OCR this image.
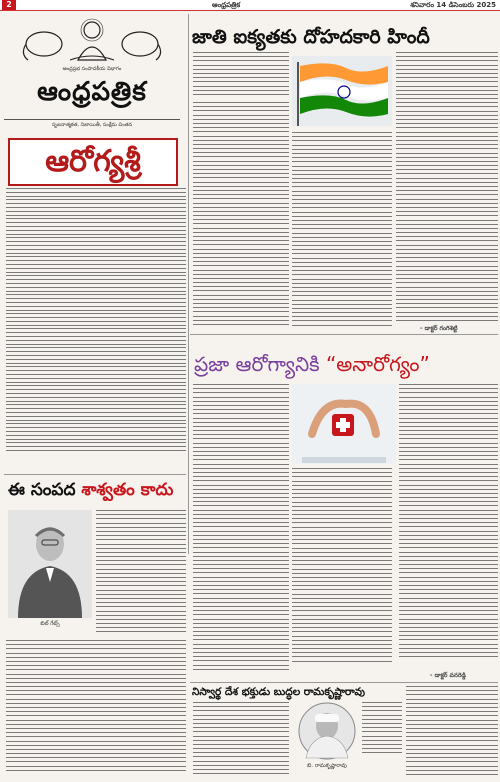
2	ఆంధ్రపత్రిక	శనివారం 14 డిసెంబరు 2025
ఆంధ్రప్రభ సంపాదకీయ విభాగం
ఆంధ్రపత్రిక
సృజనాత్మకత, నిజాయితీ, సంక్షేమ చింతన
ఆరోగ్యశ్రీ
జాతి ఐక్యతకు దోహదకారి హిందీ
- డాక్టర్ గంగిశెట్టి
ప్రజా ఆరోగ్యానికి “అనారోగ్యం”
- డాక్టర్ వనరెడ్డి
ఈ సంపద శాశ్వతం కాదు
బిల్ గేట్స్
నిస్వార్థ దేశ భక్తుడు బుద్ధల రామకృష్ణారావు
బి. రామకృష్ణారావు
